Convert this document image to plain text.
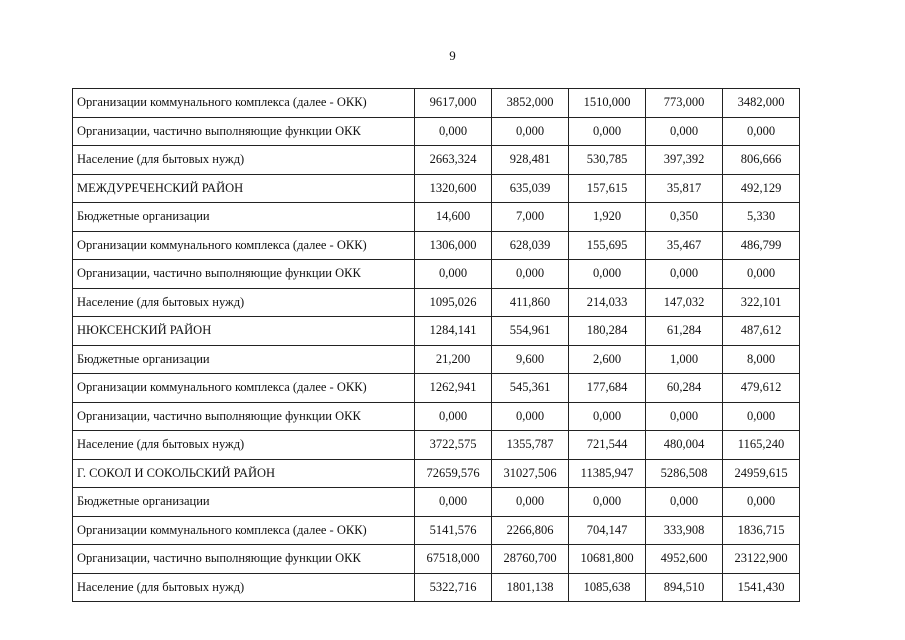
9
Организации коммунального комплекса (далее - ОКК)	9617,000	3852,000	1510,000	773,000	3482,000
Организации, частично выполняющие функции ОКК	0,000	0,000	0,000	0,000	0,000
Население (для бытовых нужд)	2663,324	928,481	530,785	397,392	806,666
МЕЖДУРЕЧЕНСКИЙ РАЙОН	1320,600	635,039	157,615	35,817	492,129
Бюджетные организации	14,600	7,000	1,920	0,350	5,330
Организации коммунального комплекса (далее - ОКК)	1306,000	628,039	155,695	35,467	486,799
Организации, частично выполняющие функции ОКК	0,000	0,000	0,000	0,000	0,000
Население (для бытовых нужд)	1095,026	411,860	214,033	147,032	322,101
НЮКСЕНСКИЙ РАЙОН	1284,141	554,961	180,284	61,284	487,612
Бюджетные организации	21,200	9,600	2,600	1,000	8,000
Организации коммунального комплекса (далее - ОКК)	1262,941	545,361	177,684	60,284	479,612
Организации, частично выполняющие функции ОКК	0,000	0,000	0,000	0,000	0,000
Население (для бытовых нужд)	3722,575	1355,787	721,544	480,004	1165,240
Г. СОКОЛ И СОКОЛЬСКИЙ РАЙОН	72659,576	31027,506	11385,947	5286,508	24959,615
Бюджетные организации	0,000	0,000	0,000	0,000	0,000
Организации коммунального комплекса (далее - ОКК)	5141,576	2266,806	704,147	333,908	1836,715
Организации, частично выполняющие функции ОКК	67518,000	28760,700	10681,800	4952,600	23122,900
Население (для бытовых нужд)	5322,716	1801,138	1085,638	894,510	1541,430
